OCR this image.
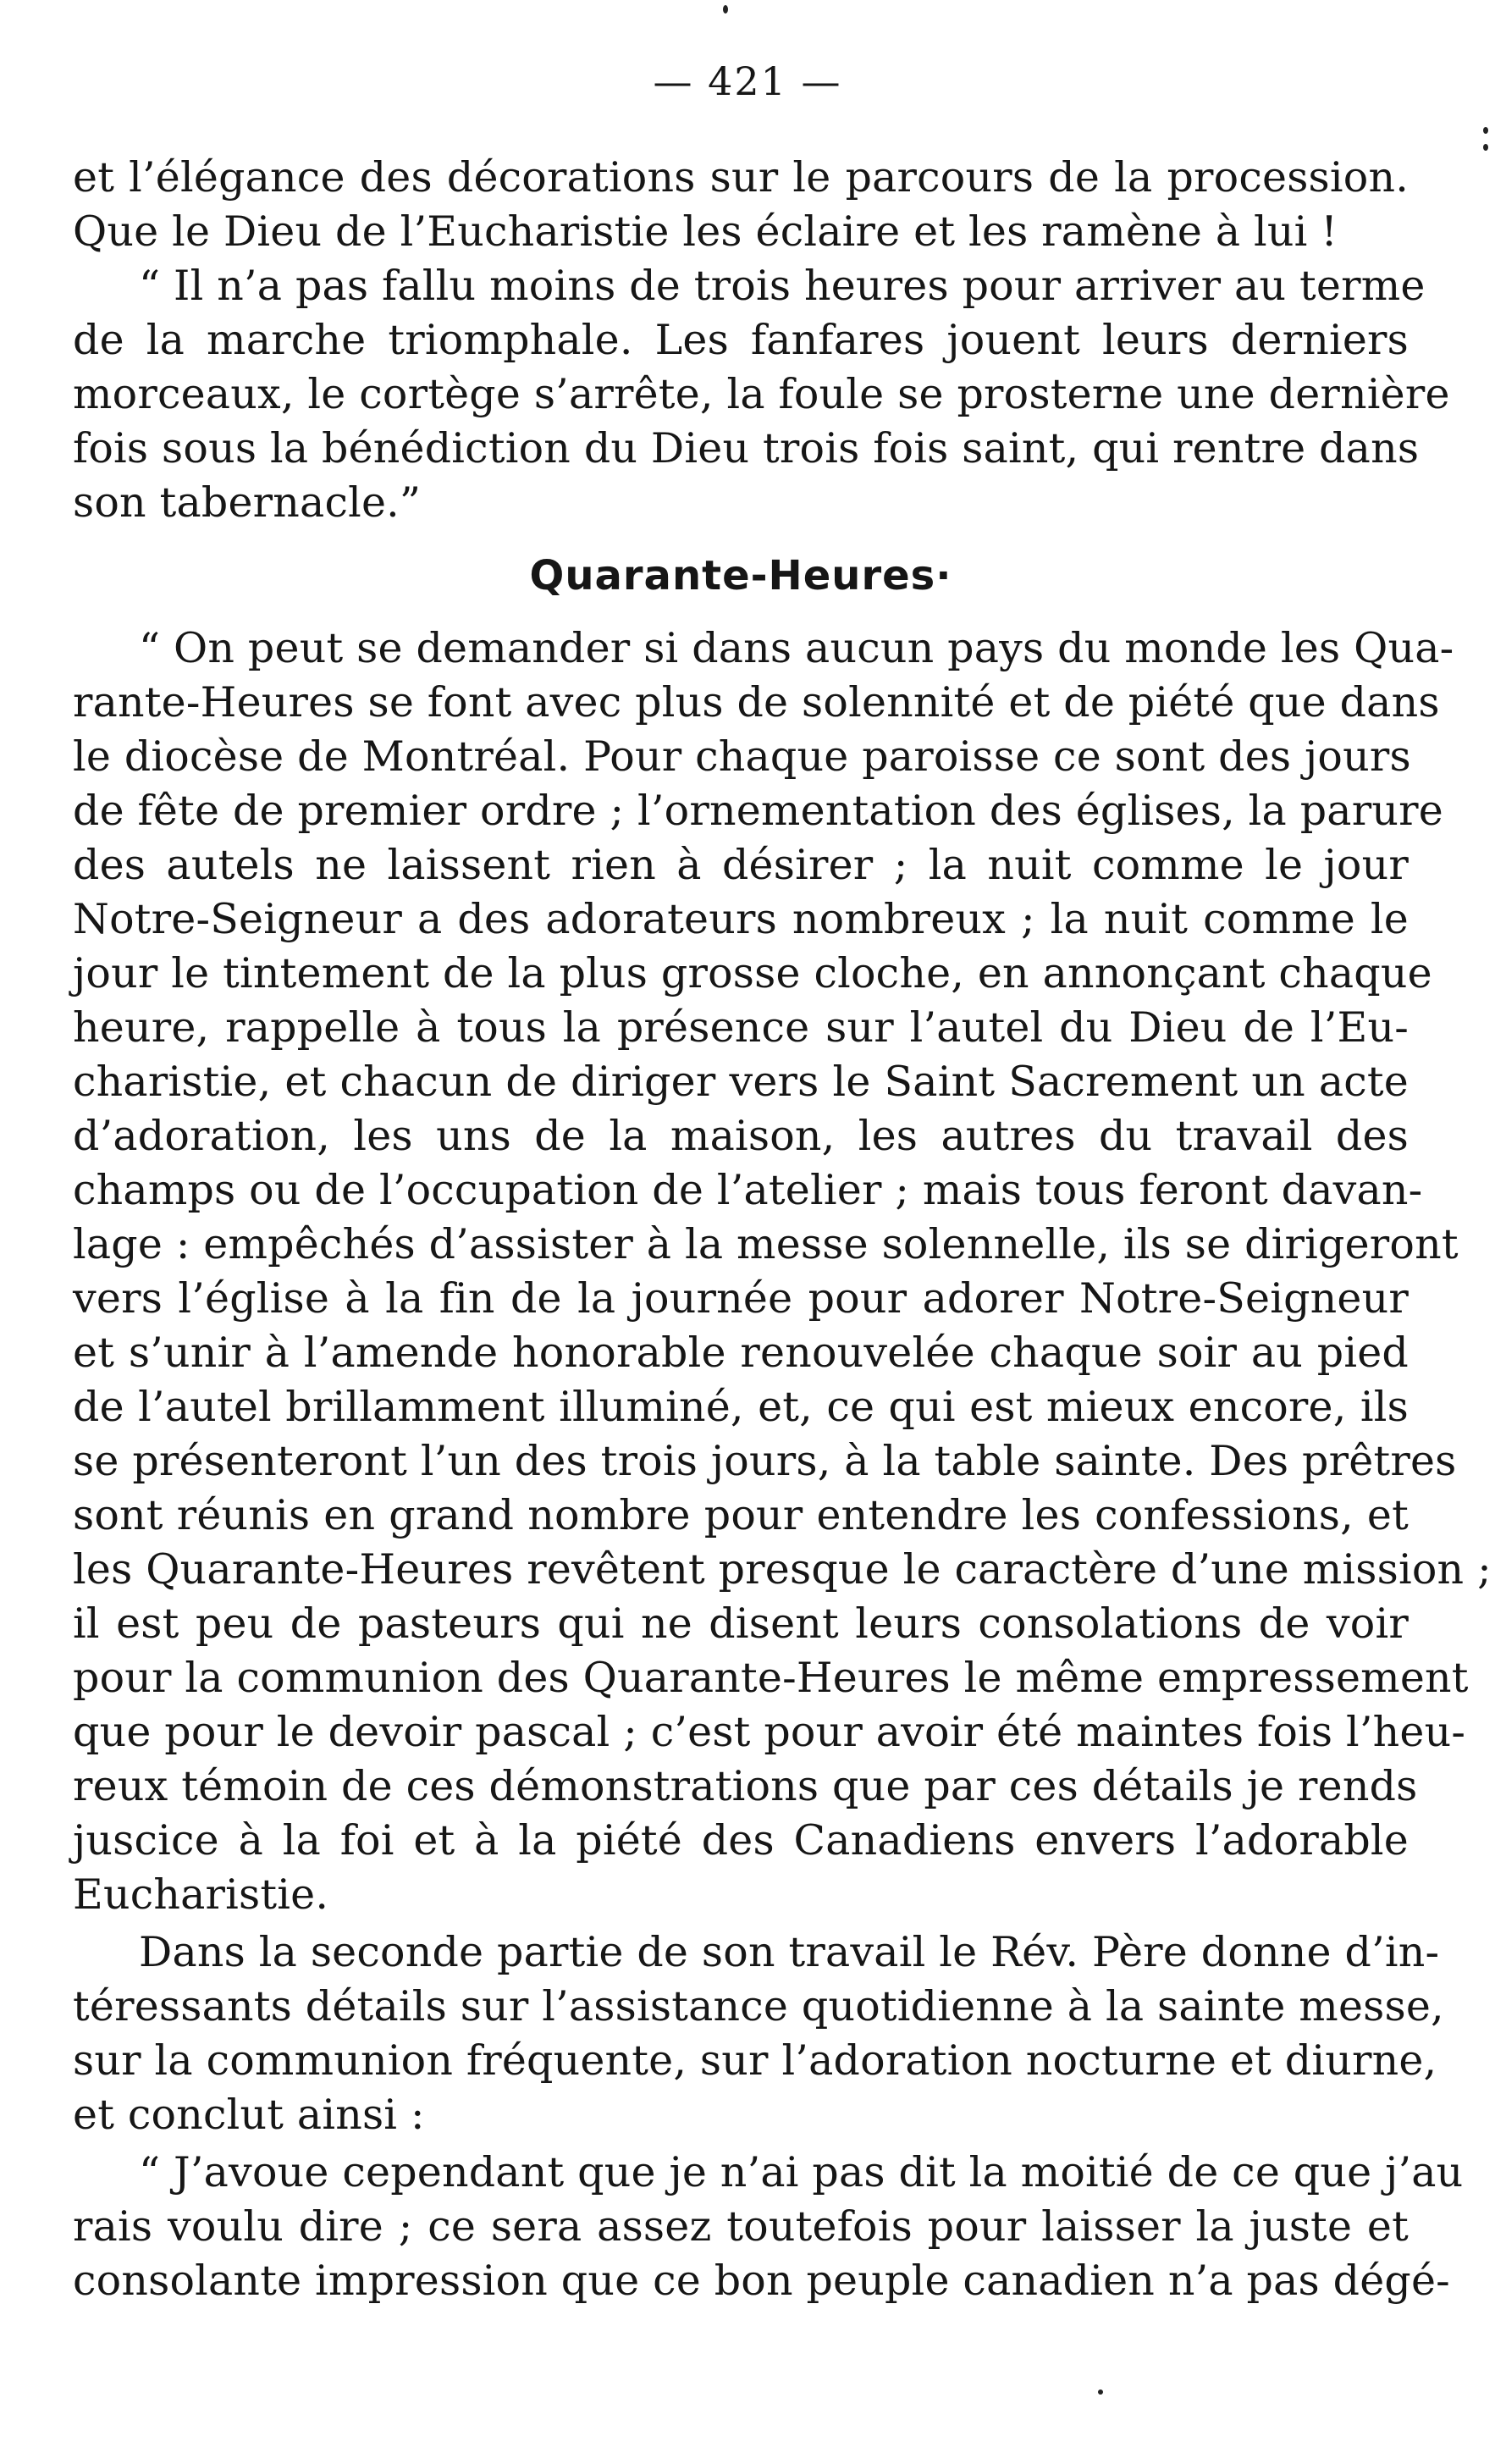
— 421 —
et l’élégance des décorations sur le parcours de la procession.
Que le Dieu de l’Eucharistie les éclaire et les ramène à lui !
“ Il n’a pas fallu moins de trois heures pour arriver au terme
de la marche triomphale. Les fanfares jouent leurs derniers
morceaux, le cortège s’arrête, la foule se prosterne une dernière
fois sous la bénédiction du Dieu trois fois saint, qui rentre dans
son tabernacle.”
Quarante-Heures·
“ On peut se demander si dans aucun pays du monde les Qua-
rante-Heures se font avec plus de solennité et de piété que dans
le diocèse de Montréal. Pour chaque paroisse ce sont des jours
de fête de premier ordre ; l’ornementation des églises, la parure
des autels ne laissent rien à désirer ; la nuit comme le jour
Notre-Seigneur a des adorateurs nombreux ; la nuit comme le
jour le tintement de la plus grosse cloche, en annonçant chaque
heure, rappelle à tous la présence sur l’autel du Dieu de l’Eu-
charistie, et chacun de diriger vers le Saint Sacrement un acte
d’adoration, les uns de la maison, les autres du travail des
champs ou de l’occupation de l’atelier ; mais tous feront davan-
lage : empêchés d’assister à la messe solennelle, ils se dirigeront
vers l’église à la fin de la journée pour adorer Notre-Seigneur
et s’unir à l’amende honorable renouvelée chaque soir au pied
de l’autel brillamment illuminé, et, ce qui est mieux encore, ils
se présenteront l’un des trois jours, à la table sainte. Des prêtres
sont réunis en grand nombre pour entendre les confessions, et
les Quarante-Heures revêtent presque le caractère d’une mission ;
il est peu de pasteurs qui ne disent leurs consolations de voir
pour la communion des Quarante-Heures le même empressement
que pour le devoir pascal ; c’est pour avoir été maintes fois l’heu-
reux témoin de ces démonstrations que par ces détails je rends
juscice à la foi et à la piété des Canadiens envers l’adorable
Eucharistie.
Dans la seconde partie de son travail le Rév. Père donne d’in-
téressants détails sur l’assistance quotidienne à la sainte messe,
sur la communion fréquente, sur l’adoration nocturne et diurne,
et conclut ainsi :
“ J’avoue cependant que je n’ai pas dit la moitié de ce que j’au
rais voulu dire ; ce sera assez toutefois pour laisser la juste et
consolante impression que ce bon peuple canadien n’a pas dégé-
